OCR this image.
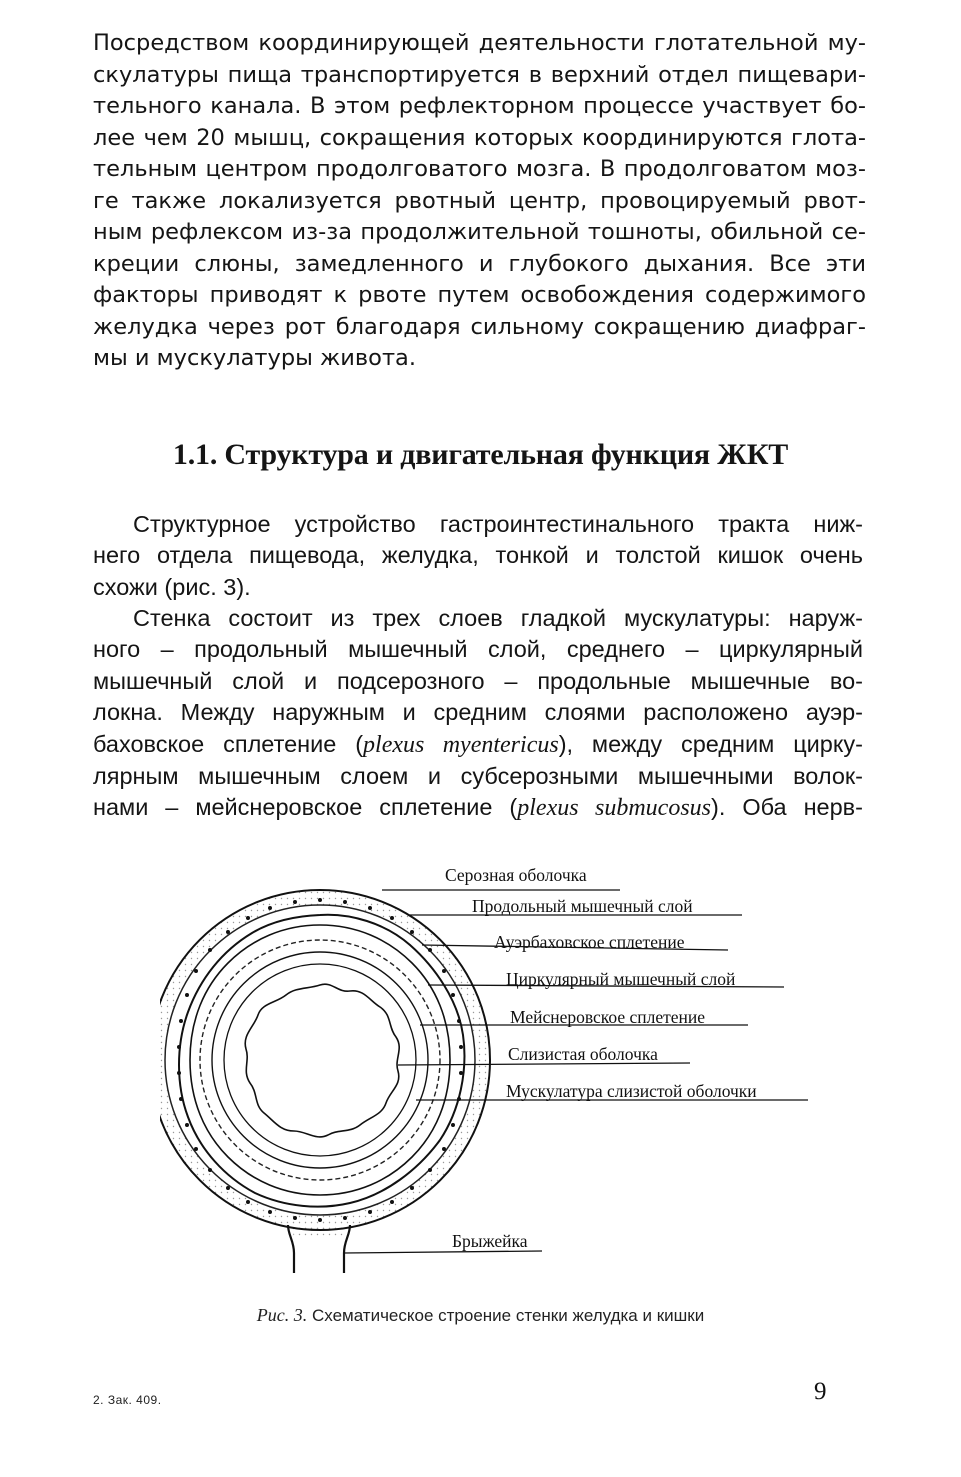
Посредством координирующей деятельности глотательной му-
скулатуры пища транспортируется в верхний отдел пищевари-
тельного канала. В этом рефлекторном процессе участвует бо-
лее чем 20 мышц, сокращения которых координируются глота-
тельным центром продолговатого мозга. В продолговатом моз-
ге также локализуется рвотный центр, провоцируемый рвот-
ным рефлексом из-за продолжительной тошноты, обильной се-
креции слюны, замедленного и глубокого дыхания. Все эти
факторы приводят к рвоте путем освобождения содержимого
желудка через рот благодаря сильному сокращению диафраг-
мы и мускулатуры живота.
1.1. Структура и двигательная функция ЖКТ
Структурное устройство гастроинтестинального тракта ниж-
него отдела пищевода, желудка, тонкой и толстой кишок очень
схожи (рис. 3).
Стенка состоит из трех слоев гладкой мускулатуры: наруж-
ного – продольный мышечный слой, среднего – циркулярный
мышечный слой и подсерозного – продольные мышечные во-
локна. Между наружным и средним слоями расположено ауэр-
баховское сплетение (plexus myentericus), между средним цирку-
лярным мышечным слоем и субсерозными мышечными волок-
нами – мейснеровское сплетение (plexus submucosus). Оба нерв-
Серозная оболочка
Продольный мышечный слой
Ауэрбаховское сплетение
Циркулярный мышечный слой
Мейснеровское сплетение
Слизистая оболочка
Мускулатура слизистой оболочки
Брыжейка
Рис. 3. Схематическое строение стенки желудка и кишки
2. Зак. 409.	9
